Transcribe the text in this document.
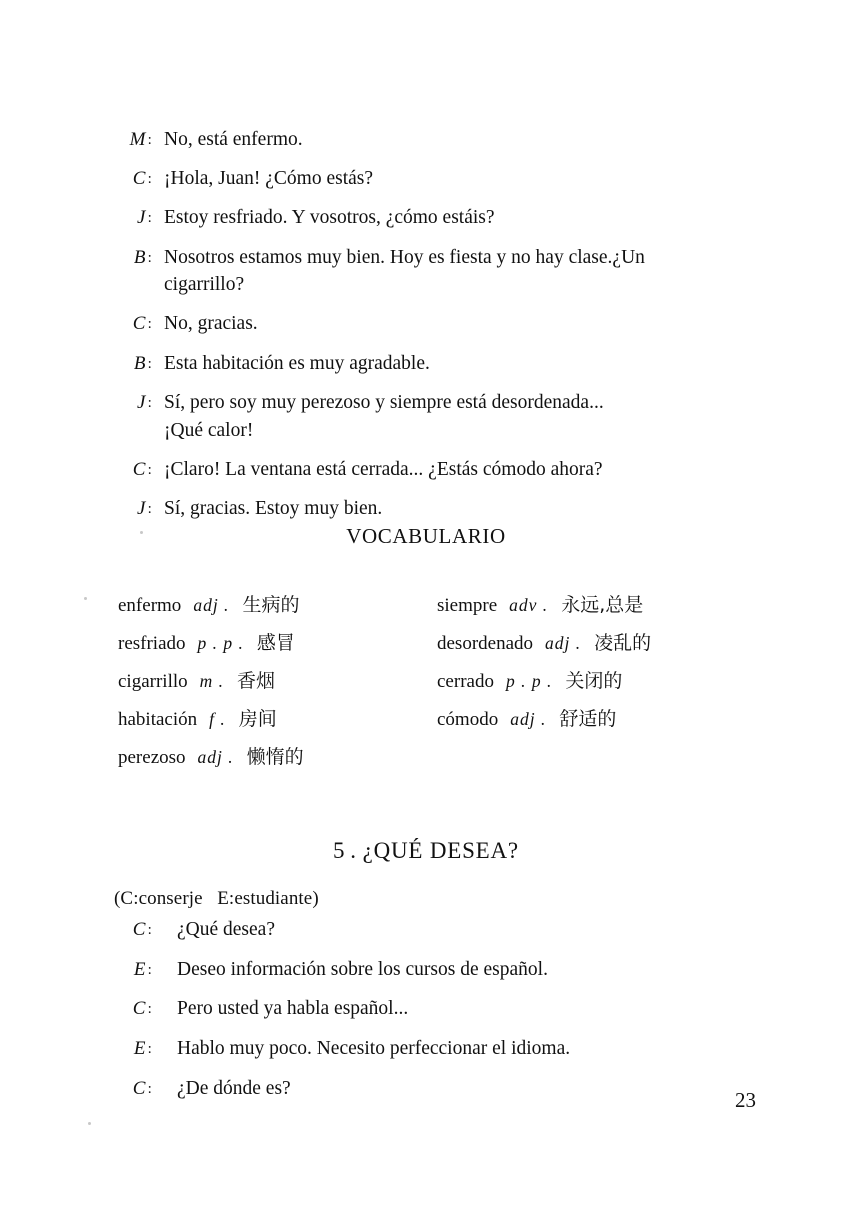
M : No, está enfermo.
C : ¡Hola, Juan! ¿Cómo estás?
J : Estoy resfriado. Y vosotros, ¿cómo estáis?
B : Nosotros estamos muy bien. Hoy es fiesta y no hay clase.¿Un
cigarrillo?
C : No, gracias.
B : Esta habitación es muy agradable.
J : Sí, pero soy muy perezoso y siempre está desordenada...
¡Qué calor!
C : ¡Claro! La ventana está cerrada... ¿Estás cómodo ahora?
J : Sí, gracias. Estoy muy bien.
VOCABULARIO
enfermo adj . 生病的
resfriado p . p . 感冒
cigarrillo m . 香烟
habitación f . 房间
perezoso adj . 懒惰的
siempre adv . 永远,总是
desordenado adj . 凌乱的
cerrado p . p . 关闭的
cómodo adj . 舒适的
5 . ¿QUÉ DESEA?
(C:conserje   E:estudiante)
C : ¿Qué desea?
E : Deseo información sobre los cursos de español.
C : Pero usted ya habla español...
E : Hablo muy poco. Necesito perfeccionar el idioma.
C : ¿De dónde es?	23
